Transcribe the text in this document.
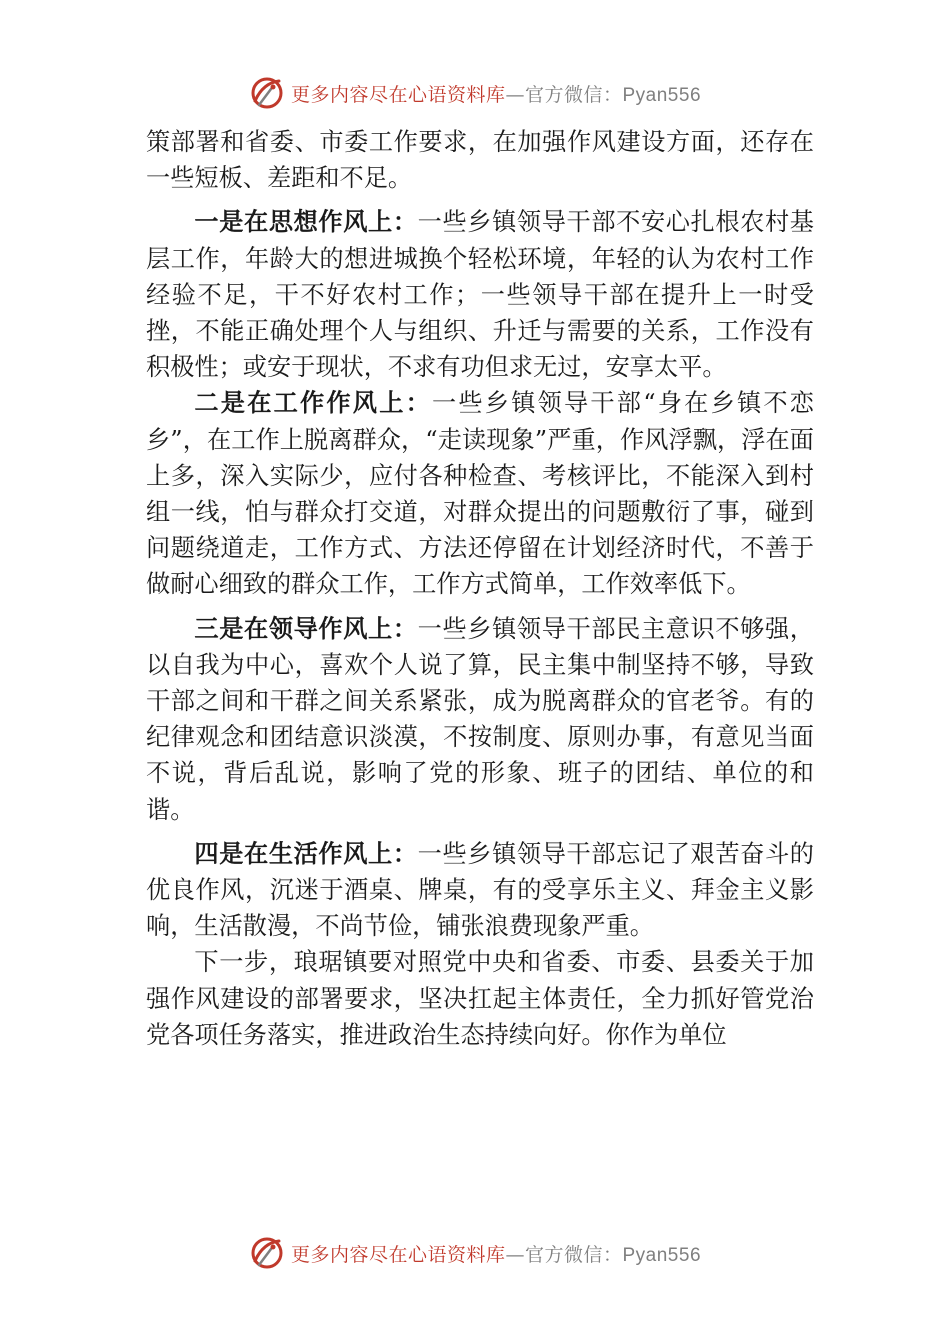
更多内容尽在心语资料库—官方微信：Pyan556

策部署和省委、市委工作要求，在加强作风建设方面，还存在一些短板、差距和不足。

一是在思想作风上：一些乡镇领导干部不安心扎根农村基层工作，年龄大的想进城换个轻松环境，年轻的认为农村工作经验不足，干不好农村工作；一些领导干部在提升上一时受挫，不能正确处理个人与组织、升迁与需要的关系，工作没有积极性；或安于现状，不求有功但求无过，安享太平。

二是在工作作风上：一些乡镇领导干部“身在乡镇不恋乡”，在工作上脱离群众，“走读现象”严重，作风浮飘，浮在面上多，深入实际少，应付各种检查、考核评比，不能深入到村组一线，怕与群众打交道，对群众提出的问题敷衍了事，碰到问题绕道走，工作方式、方法还停留在计划经济时代，不善于做耐心细致的群众工作，工作方式简单，工作效率低下。

三是在领导作风上：一些乡镇领导干部民主意识不够强，以自我为中心，喜欢个人说了算，民主集中制坚持不够，导致干部之间和干群之间关系紧张，成为脱离群众的官老爷。有的纪律观念和团结意识淡漠，不按制度、原则办事，有意见当面不说，背后乱说，影响了党的形象、班子的团结、单位的和谐。

四是在生活作风上：一些乡镇领导干部忘记了艰苦奋斗的优良作风，沉迷于酒桌、牌桌，有的受享乐主义、拜金主义影响，生活散漫，不尚节俭，铺张浪费现象严重。

下一步，琅琚镇要对照党中央和省委、市委、县委关于加强作风建设的部署要求，坚决扛起主体责任，全力抓好管党治党各项任务落实，推进政治生态持续向好。你作为单位

更多内容尽在心语资料库—官方微信：Pyan556
